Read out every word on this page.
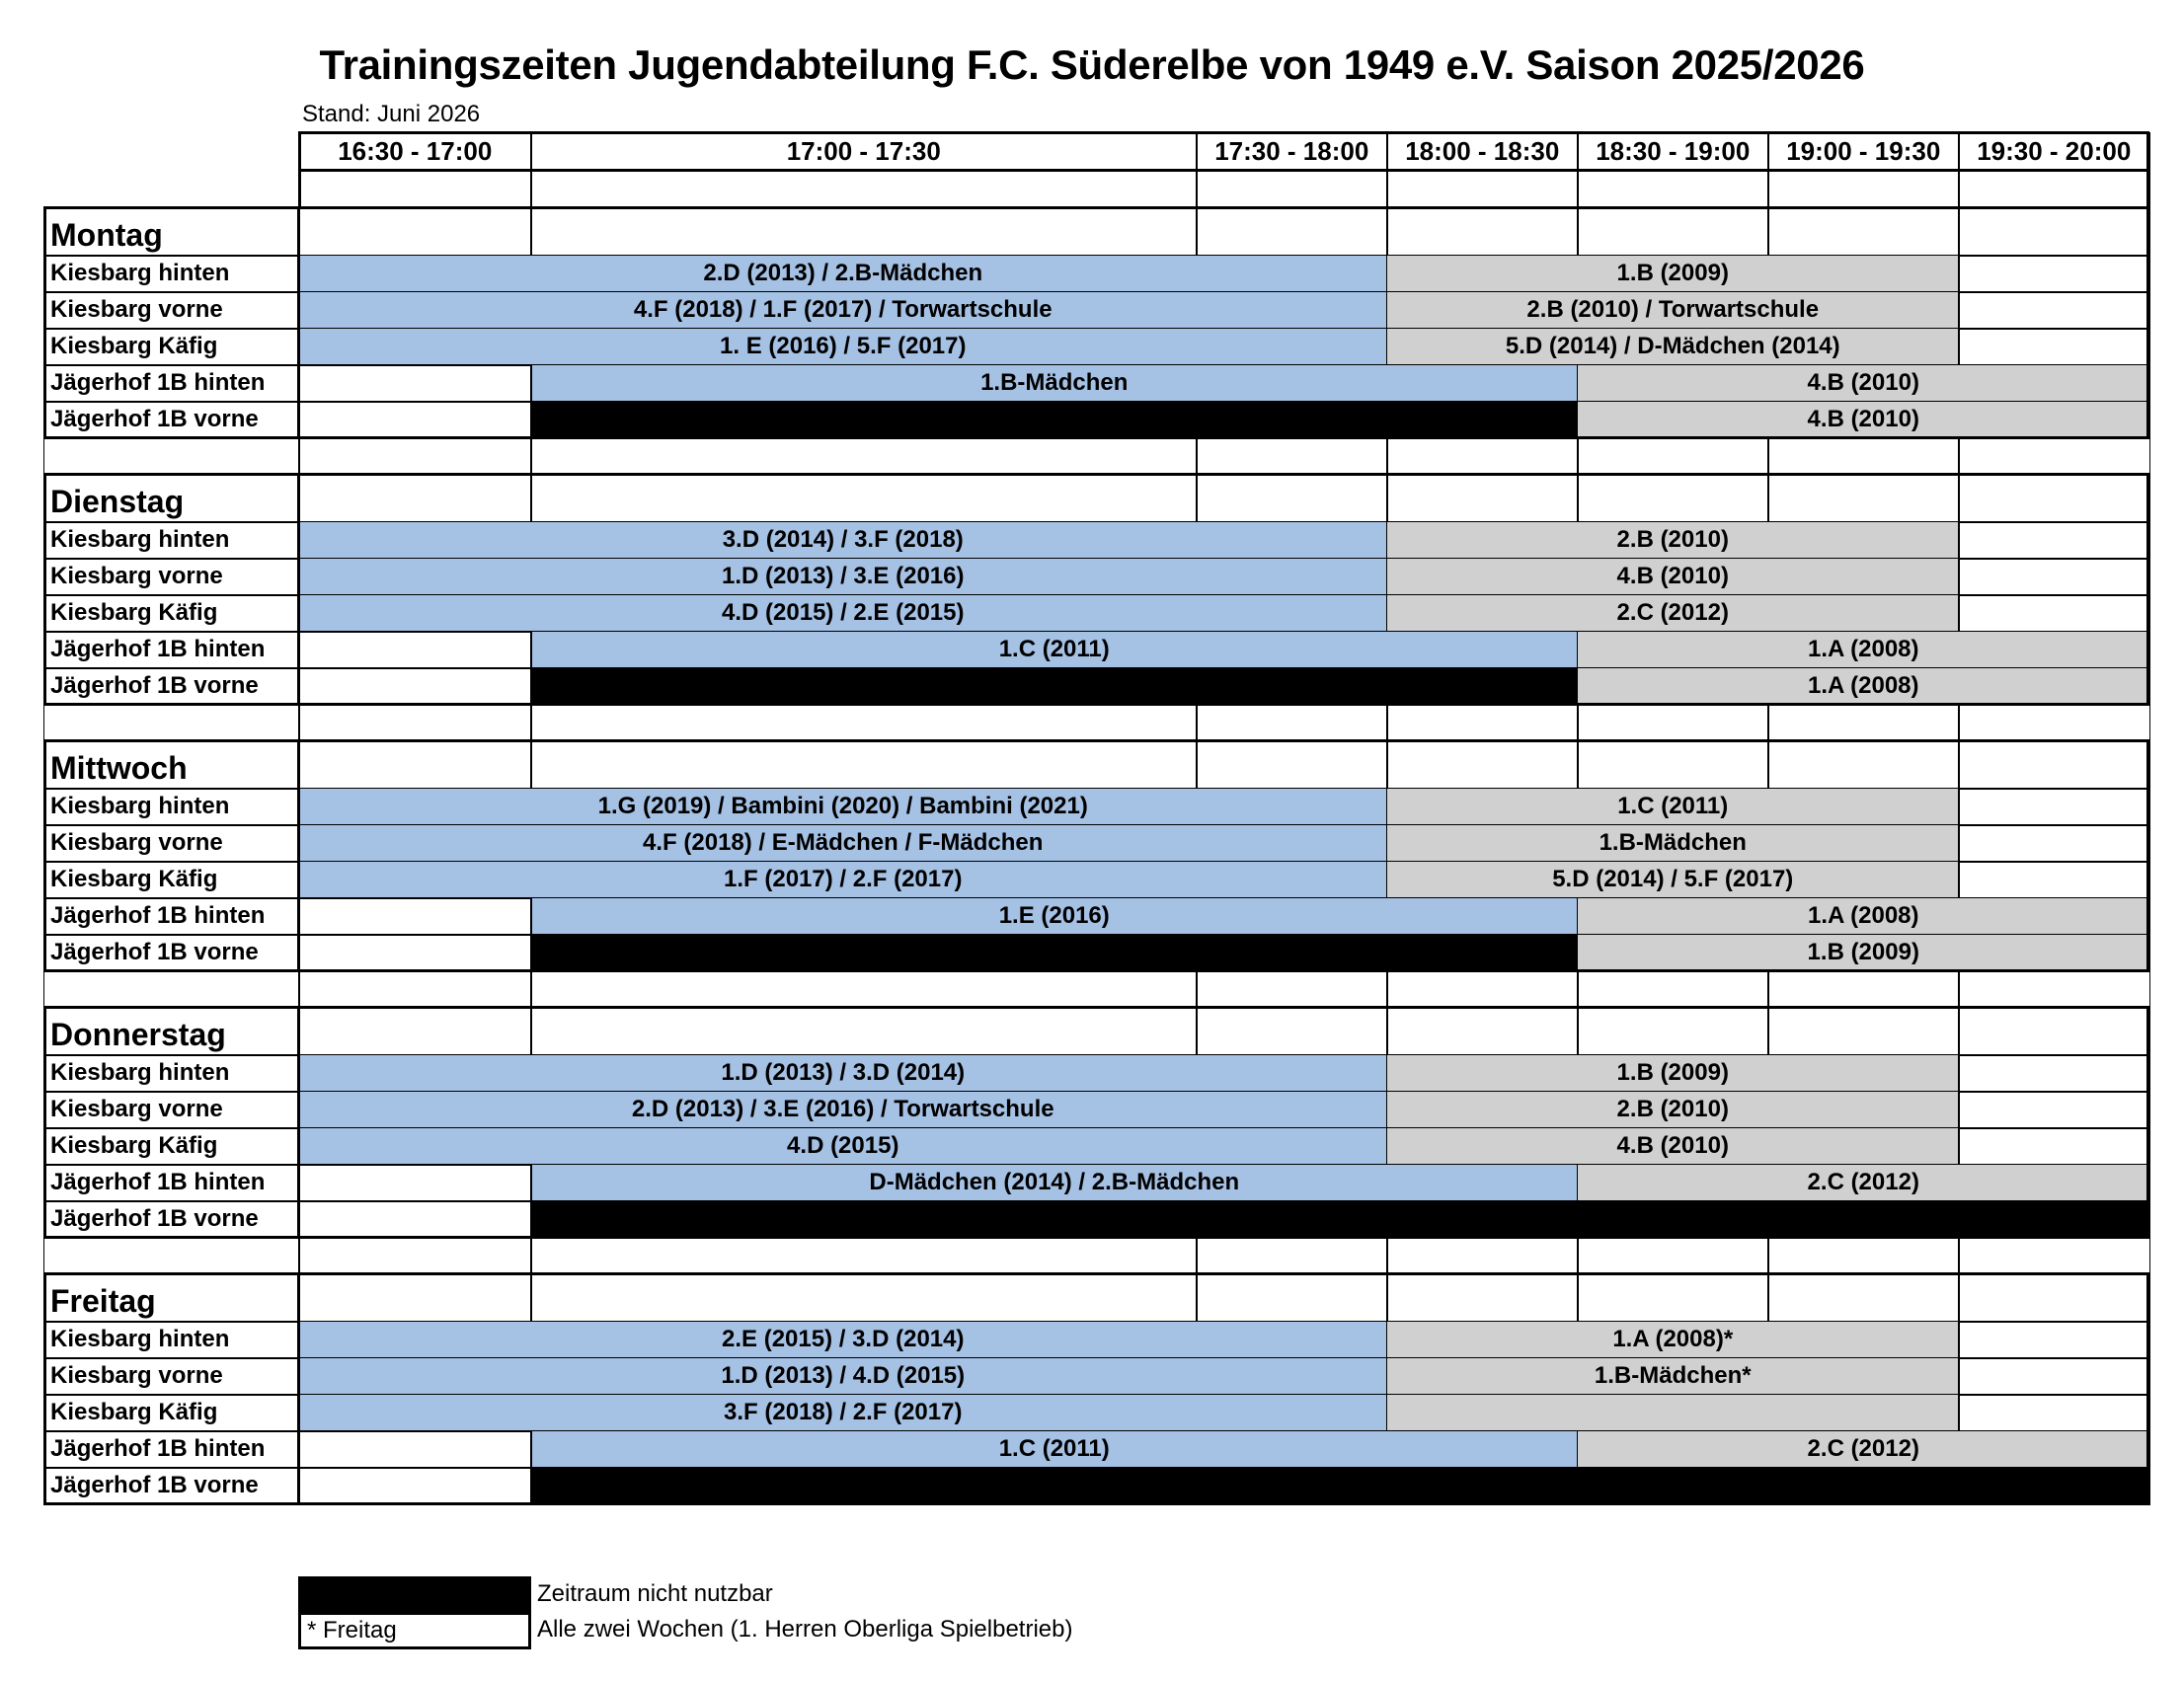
Trainingszeiten Jugendabteilung F.C. Süderelbe von 1949 e.V. Saison 2025/2026
Stand: Juni 2026
16:30 - 17:00	17:00 - 17:30	17:30 - 18:00	18:00 - 18:30	18:30 - 19:00	19:00 - 19:30	19:30 - 20:00
Montag
Kiesbarg hinten	2.D (2013) / 2.B-Mädchen	1.B (2009)
Kiesbarg vorne	4.F (2018) / 1.F (2017) / Torwartschule	2.B (2010) / Torwartschule
Kiesbarg Käfig	1. E (2016) / 5.F (2017)	5.D (2014) / D-Mädchen (2014)
Jägerhof 1B hinten	1.B-Mädchen	4.B (2010)
Jägerhof 1B vorne	4.B (2010)
Dienstag
Kiesbarg hinten	3.D (2014) / 3.F (2018)	2.B (2010)
Kiesbarg vorne	1.D (2013) / 3.E (2016)	4.B (2010)
Kiesbarg Käfig	4.D (2015) / 2.E (2015)	2.C (2012)
Jägerhof 1B hinten	1.C (2011)	1.A (2008)
Jägerhof 1B vorne	1.A (2008)
Mittwoch
Kiesbarg hinten	1.G (2019) / Bambini (2020) / Bambini (2021)	1.C (2011)
Kiesbarg vorne	4.F (2018) / E-Mädchen / F-Mädchen	1.B-Mädchen
Kiesbarg Käfig	1.F (2017) / 2.F (2017)	5.D (2014) / 5.F (2017)
Jägerhof 1B hinten	1.E (2016)	1.A (2008)
Jägerhof 1B vorne	1.B (2009)
Donnerstag
Kiesbarg hinten	1.D (2013) / 3.D (2014)	1.B (2009)
Kiesbarg vorne	2.D (2013) / 3.E (2016) / Torwartschule	2.B (2010)
Kiesbarg Käfig	4.D (2015)	4.B (2010)
Jägerhof 1B hinten	D-Mädchen (2014) / 2.B-Mädchen	2.C (2012)
Jägerhof 1B vorne
Freitag
Kiesbarg hinten	2.E (2015) / 3.D (2014)	1.A (2008)*
Kiesbarg vorne	1.D (2013) / 4.D (2015)	1.B-Mädchen*
Kiesbarg Käfig	3.F (2018) / 2.F (2017)
Jägerhof 1B hinten	1.C (2011)	2.C (2012)
Jägerhof 1B vorne
Zeitraum nicht nutzbar
* Freitag	Alle zwei Wochen (1. Herren Oberliga Spielbetrieb)
